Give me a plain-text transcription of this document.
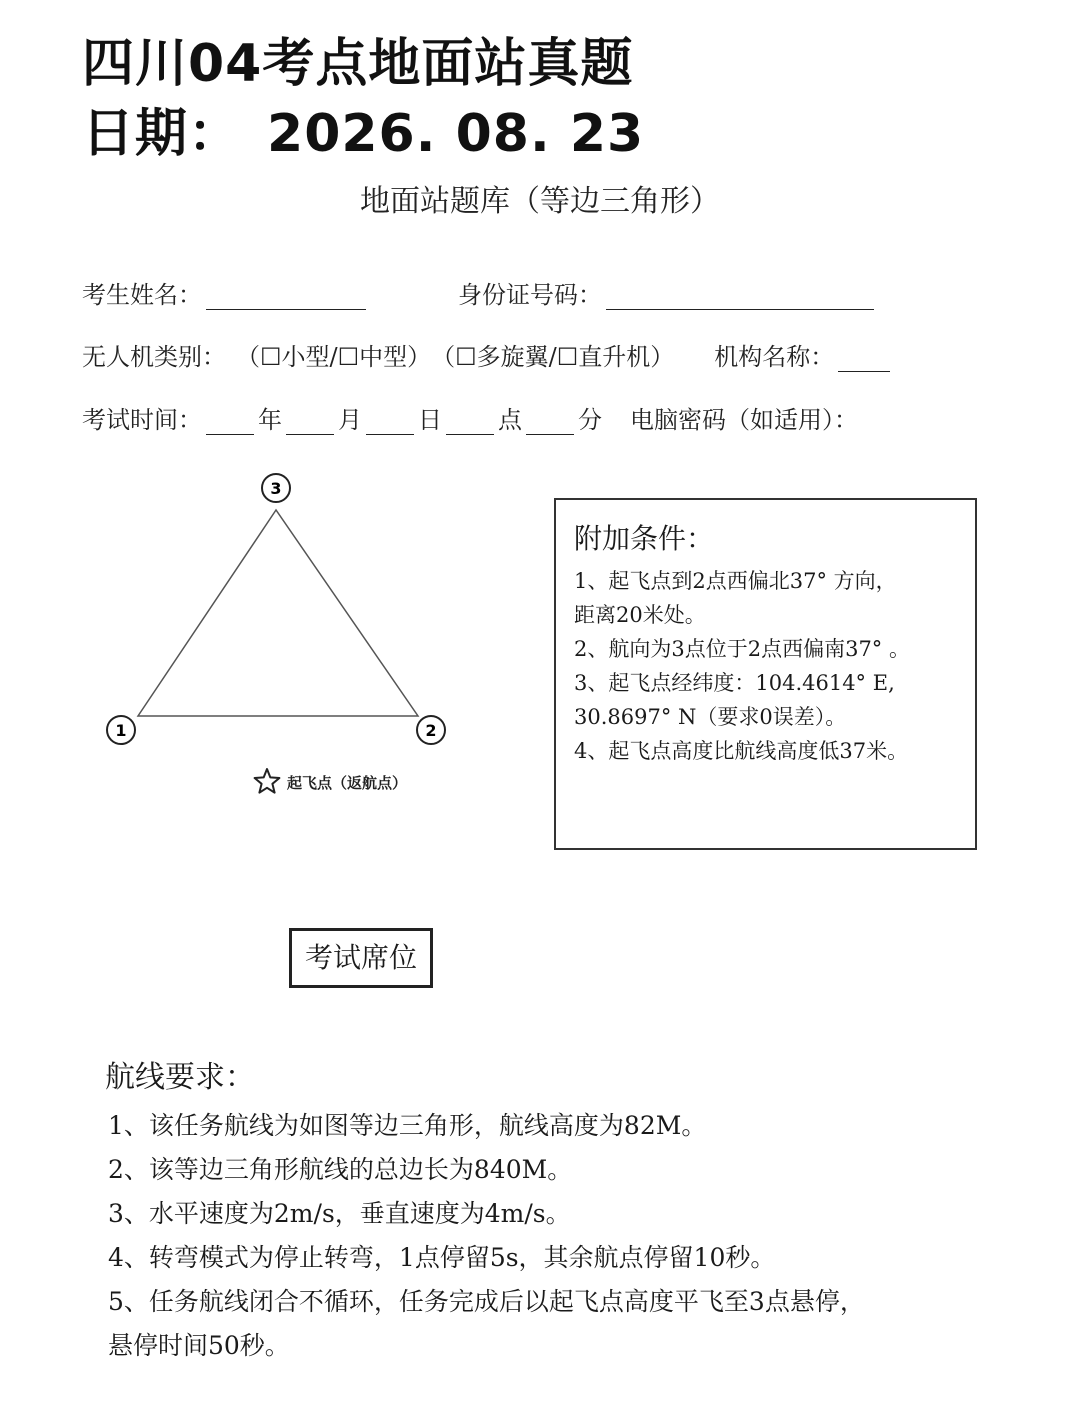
四川04考点地面站真题
日期： 2026. 08. 23
地面站题库（等边三角形）
考生姓名：	身份证号码：
无人机类别： （☐小型/☐中型） （☐多旋翼/☐直升机） 机构名称：
考试时间： 年 月 日 点 分 电脑密码（如适用）：
3
1	2
起飞点（返航点）
附加条件：
1、起飞点到2点西偏北37° 方向，
距离20米处。
2、航向为3点位于2点西偏南37° 。
3、起飞点经纬度：104.4614° E,
30.8697° N（要求0误差）。
4、起飞点高度比航线高度低37米。
考试席位
航线要求：
1、该任务航线为如图等边三角形，航线高度为82M。
2、该等边三角形航线的总边长为840M。
3、水平速度为2m/s，垂直速度为4m/s。
4、转弯模式为停止转弯，1点停留5s，其余航点停留10秒。
5、任务航线闭合不循环，任务完成后以起飞点高度平飞至3点悬停，
悬停时间50秒。
